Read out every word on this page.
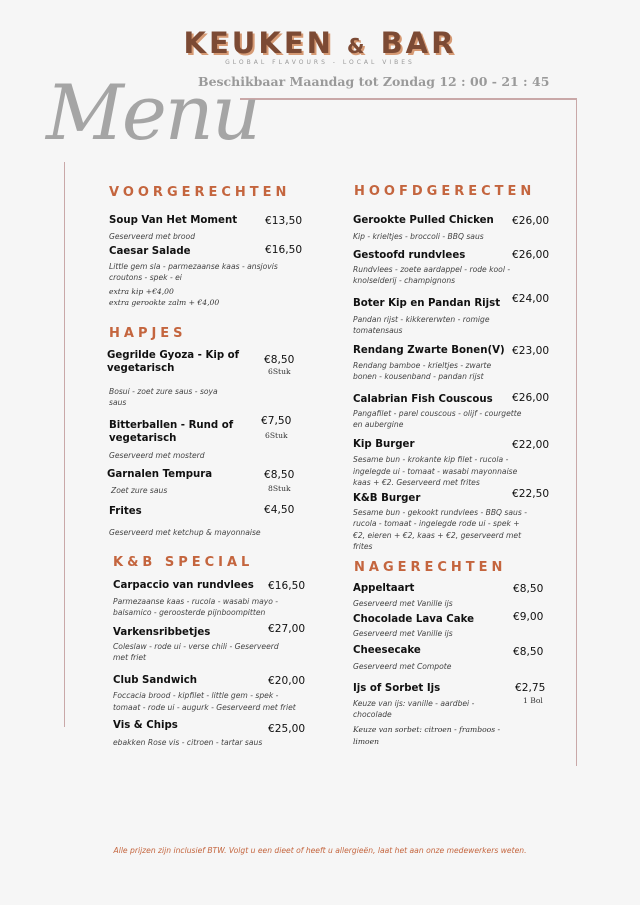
KEUKEN & BAR
GLOBAL FLAVOURS - LOCAL VIBES
Beschikbaar Maandag tot Zondag 12 : 00 - 21 : 45
Menu
VOORGERECHTEN
Soup Van Het Moment	€13,50
Geserveerd met brood
Caesar Salade	€16,50
Little gem sla - parmezaanse kaas - ansjovis
croutons - spek - ei
extra kip +€4,00
extra gerookte zalm + €4,00
HAPJES
Gegrilde Gyoza - Kip of
vegetarisch
€8,50
6Stuk
Bosui - zoet zure saus - soya
saus
Bitterballen - Rund of
vegetarisch
€7,50
6Stuk
Geserveerd met mosterd
Garnalen Tempura	€8,50
8Stuk
Zoet zure saus
Frites	€4,50
Geserveerd met ketchup & mayonnaise
K&B SPECIAL
Carpaccio van rundvlees €16,50
Parmezaanse kaas - rucola - wasabi mayo -
balsamico - geroosterde pijnboompitten
Varkensribbetjes	€27,00
Coleslaw - rode ui - verse chili - Geserveerd
met friet
Club Sandwich	€20,00
Foccacia brood - kipfilet - little gem - spek -
tomaat - rode ui - augurk - Geserveerd met friet
Vis & Chips	€25,00
ebakken Rose vis - citroen - tartar saus
HOOFDGERECTEN
Gerookte Pulled Chicken €26,00
Kip - krieltjes - broccoli - BBQ saus
Gestoofd rundvlees	€26,00
Rundvlees - zoete aardappel - rode kool -
knolselderij - champignons
Boter Kip en Pandan Rijst €24,00
Pandan rijst - kikkererwten - romige
tomatensaus
Rendang Zwarte Bonen(V) €23,00
Rendang bamboe - krieltjes - zwarte
bonen - kousenband - pandan rijst
Calabrian Fish Couscous €26,00
Pangafilet - parel couscous - olijf - courgette
en aubergine
Kip Burger	€22,00
Sesame bun - krokante kip filet - rucola -
ingelegde ui - tomaat - wasabi mayonnaise
kaas + €2. Geserveerd met frites
K&B Burger	€22,50
Sesame bun - gekookt rundvlees - BBQ saus -
rucola - tomaat - ingelegde rode ui - spek +
€2, eieren + €2, kaas + €2, geserveerd met
frites
NAGERECHTEN
Appeltaart	€8,50
Geserveerd met Vanille ijs
Chocolade Lava Cake	€9,00
Geserveerd met Vanille ijs
Cheesecake	€8,50
Geserveerd met Compote
Ijs of Sorbet Ijs	€2,75
1 Bol
Keuze van ijs: vanille - aardbei -
chocolade
Keuze van sorbet: citroen - framboos -
limoen
Alle prijzen zijn inclusief BTW. Volgt u een dieet of heeft u allergieën, laat het aan onze medewerkers weten.
